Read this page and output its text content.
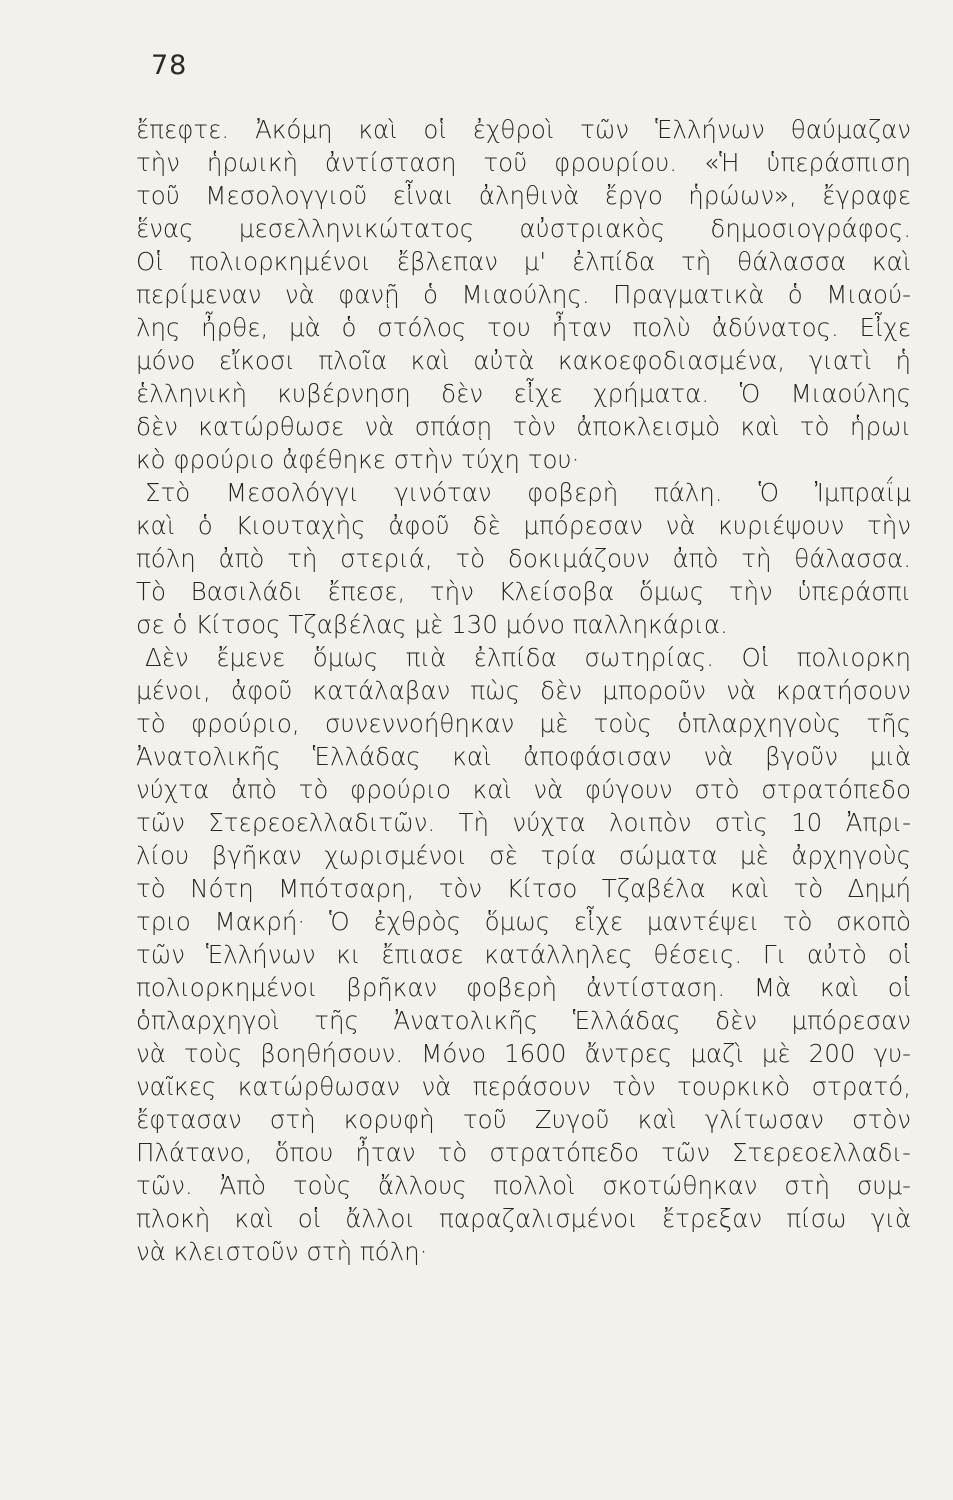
78
ἔπεφτε. Ἀκόμη καὶ οἱ ἐχθροὶ τῶν Ἑλλήνων θαύμαζαν
τὴν ἡρωικὴ ἀντίσταση τοῦ φρουρίου. «Ἡ ὑπεράσπιση
τοῦ Μεσολογγιοῦ εἶναι ἀληθινὰ ἔργο ἡρώων», ἔγραφε
ἕνας μεσελληνικώτατος αὐστριακὸς δημοσιογράφος.
Οἱ πολιορκημένοι ἔβλεπαν μ' ἐλπίδα τὴ θάλασσα καὶ
περίμεναν νὰ φανῇ ὁ Μιαούλης. Πραγματικὰ ὁ Μιαού-
λης ἦρθε, μὰ ὁ στόλος του ἦταν πολὺ ἀδύνατος. Εἶχε
μόνο εἴκοσι πλοῖα καὶ αὐτὰ κακοεφοδιασμένα, γιατὶ ἡ
ἑλληνικὴ κυβέρνηση δὲν εἶχε χρήματα. Ὁ Μιαούλης
δὲν κατώρθωσε νὰ σπάσῃ τὸν ἀποκλεισμὸ καὶ τὸ ἡρωι
κὸ φρούριο ἀφέθηκε στὴν τύχη του·
Στὸ Μεσολόγγι γινόταν φοβερὴ πάλη. Ὁ Ἰμπραΐμ
καὶ ὁ Κιουταχὴς ἀφοῦ δὲ μπόρεσαν νὰ κυριέψουν τὴν
πόλη ἀπὸ τὴ στεριά, τὸ δοκιμάζουν ἀπὸ τὴ θάλασσα.
Τὸ Βασιλάδι ἔπεσε, τὴν Κλείσοβα ὅμως τὴν ὑπεράσπι
σε ὁ Κίτσος Τζαβέλας μὲ 130 μόνο παλληκάρια.
Δὲν ἔμενε ὅμως πιὰ ἐλπίδα σωτηρίας. Οἱ πολιορκη
μένοι, ἀφοῦ κατάλαβαν πὼς δὲν μποροῦν νὰ κρατήσουν
τὸ φρούριο, συνεννοήθηκαν μὲ τοὺς ὁπλαρχηγοὺς τῆς
Ἀνατολικῆς Ἑλλάδας καὶ ἀποφάσισαν νὰ βγοῦν μιὰ
νύχτα ἀπὸ τὸ φρούριο καὶ νὰ φύγουν στὸ στρατόπεδο
τῶν Στερεοελλαδιτῶν. Τὴ νύχτα λοιπὸν στὶς 10 Ἀπρι-
λίου βγῆκαν χωρισμένοι σὲ τρία σώματα μὲ ἀρχηγοὺς
τὸ Νότη Μπότσαρη, τὸν Κίτσο Τζαβέλα καὶ τὸ Δημή
τριο Μακρή· Ὁ ἐχθρὸς ὅμως εἶχε μαντέψει τὸ σκοπὸ
τῶν Ἑλλήνων κι ἔπιασε κατάλληλες θέσεις. Γι αὐτὸ οἱ
πολιορκημένοι βρῆκαν φοβερὴ ἀντίσταση. Μὰ καὶ οἱ
ὁπλαρχηγοὶ τῆς Ἀνατολικῆς Ἑλλάδας δὲν μπόρεσαν
νὰ τοὺς βοηθήσουν. Μόνο 1600 ἄντρες μαζὶ μὲ 200 γυ-
ναῖκες κατώρθωσαν νὰ περάσουν τὸν τουρκικὸ στρατό,
ἔφτασαν στὴ κορυφὴ τοῦ Ζυγοῦ καὶ γλίτωσαν στὸν
Πλάτανο, ὅπου ἦταν τὸ στρατόπεδο τῶν Στερεοελλαδι-
τῶν. Ἀπὸ τοὺς ἄλλους πολλοὶ σκοτώθηκαν στὴ συμ-
πλοκὴ καὶ οἱ ἄλλοι παραζαλισμένοι ἔτρεξαν πίσω γιὰ
νὰ κλειστοῦν στὴ πόλη·
